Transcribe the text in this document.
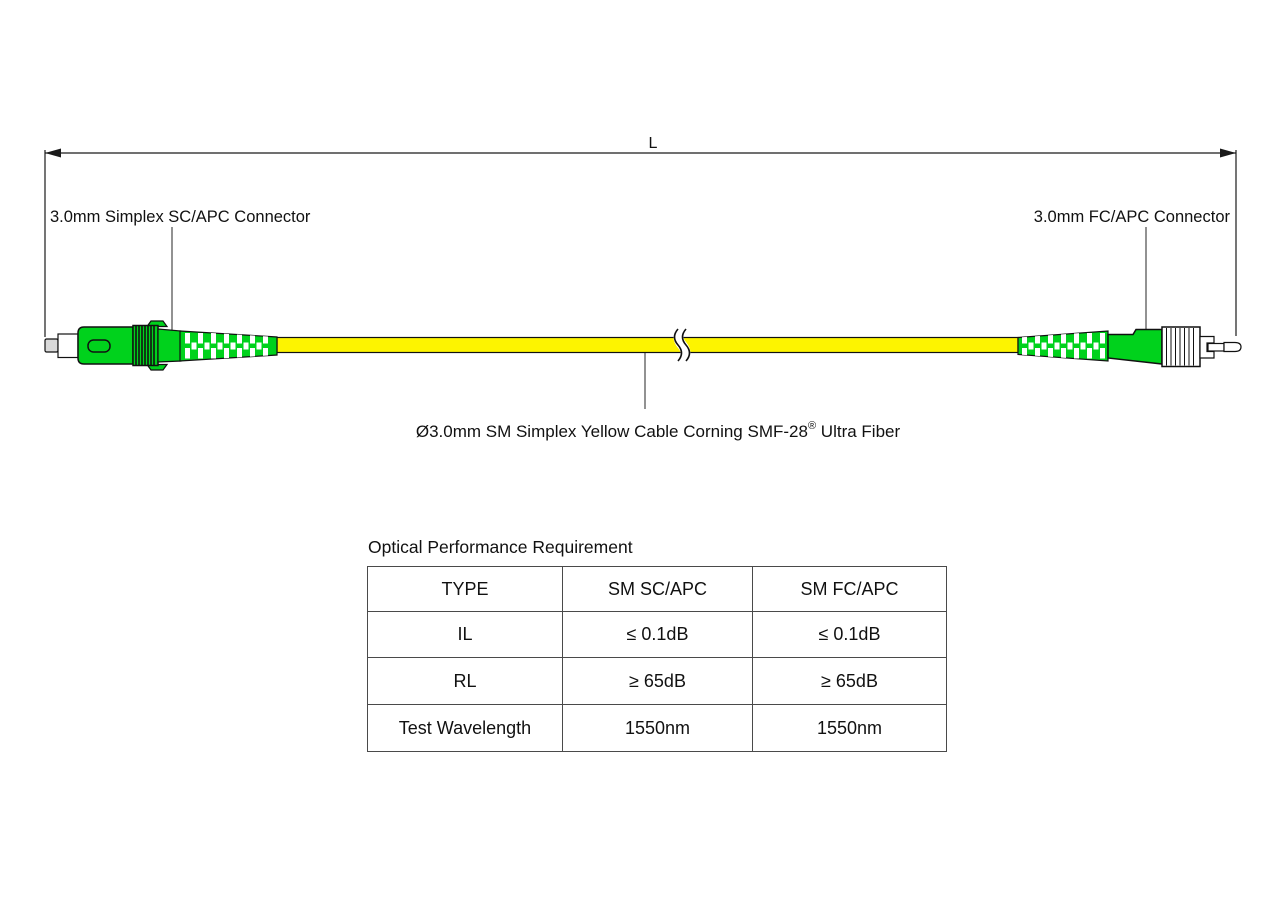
L
3.0mm Simplex SC/APC Connector	3.0mm FC/APC Connector
Ø3.0mm SM Simplex Yellow Cable Corning SMF-28® Ultra Fiber
Optical Performance Requirement
TYPE	SM SC/APC	SM FC/APC
IL	≤ 0.1dB	≤ 0.1dB
RL	≥ 65dB	≥ 65dB
Test Wavelength	1550nm	1550nm
